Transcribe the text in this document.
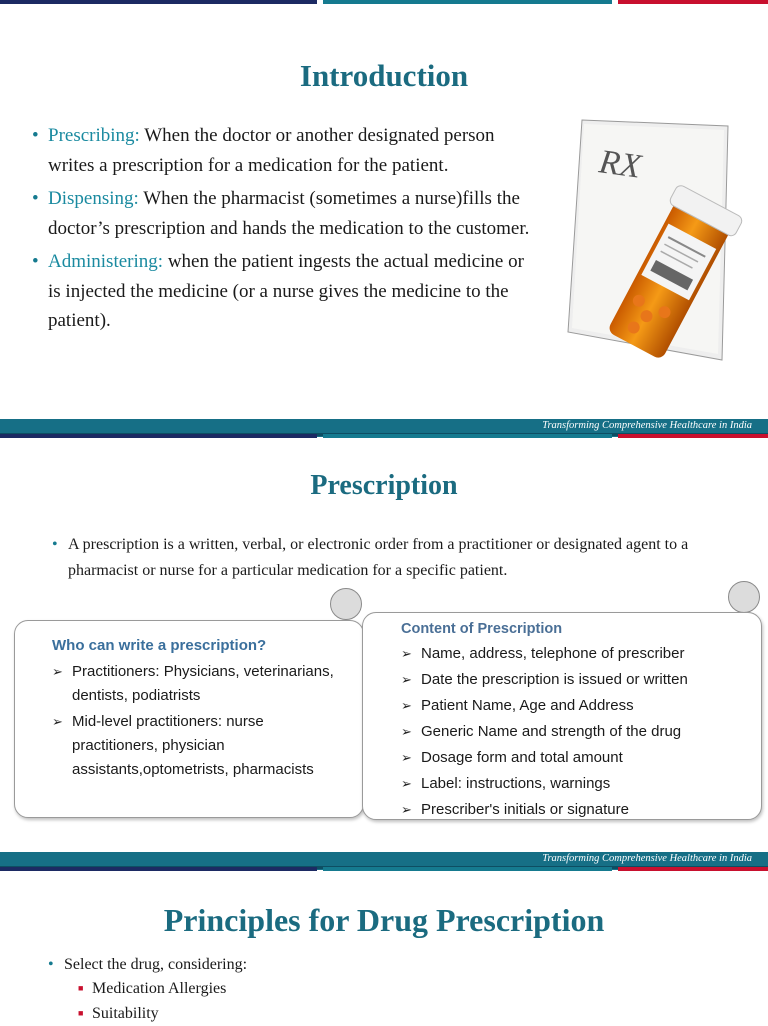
Introduction
• Prescribing: When the doctor or another designated person writes a prescription for a medication for the patient.
• Dispensing: When the pharmacist (sometimes a nurse)fills the doctor’s prescription and hands the medication to the customer.
• Administering: when the patient ingests the actual medicine or is injected the medicine (or a nurse gives the medicine to the patient).
RX
Transforming Comprehensive Healthcare in India
Prescription
• A prescription is a written, verbal, or electronic order from a practitioner or designated agent to a pharmacist or nurse for a particular medication for a specific patient.
Who can write a prescription?
➢ Practitioners: Physicians, veterinarians, dentists, podiatrists
➢ Mid-level practitioners: nurse practitioners, physician assistants,optometrists, pharmacists
Content of Prescription
➢ Name, address, telephone of prescriber
➢ Date the prescription is issued or written
➢ Patient Name, Age and Address
➢ Generic Name and strength of the drug
➢ Dosage form and total amount
➢ Label: instructions, warnings
➢ Prescriber's initials or signature
Transforming Comprehensive Healthcare in India
Principles for Drug Prescription
• Select the drug, considering:
■ Medication Allergies
■ Suitability
